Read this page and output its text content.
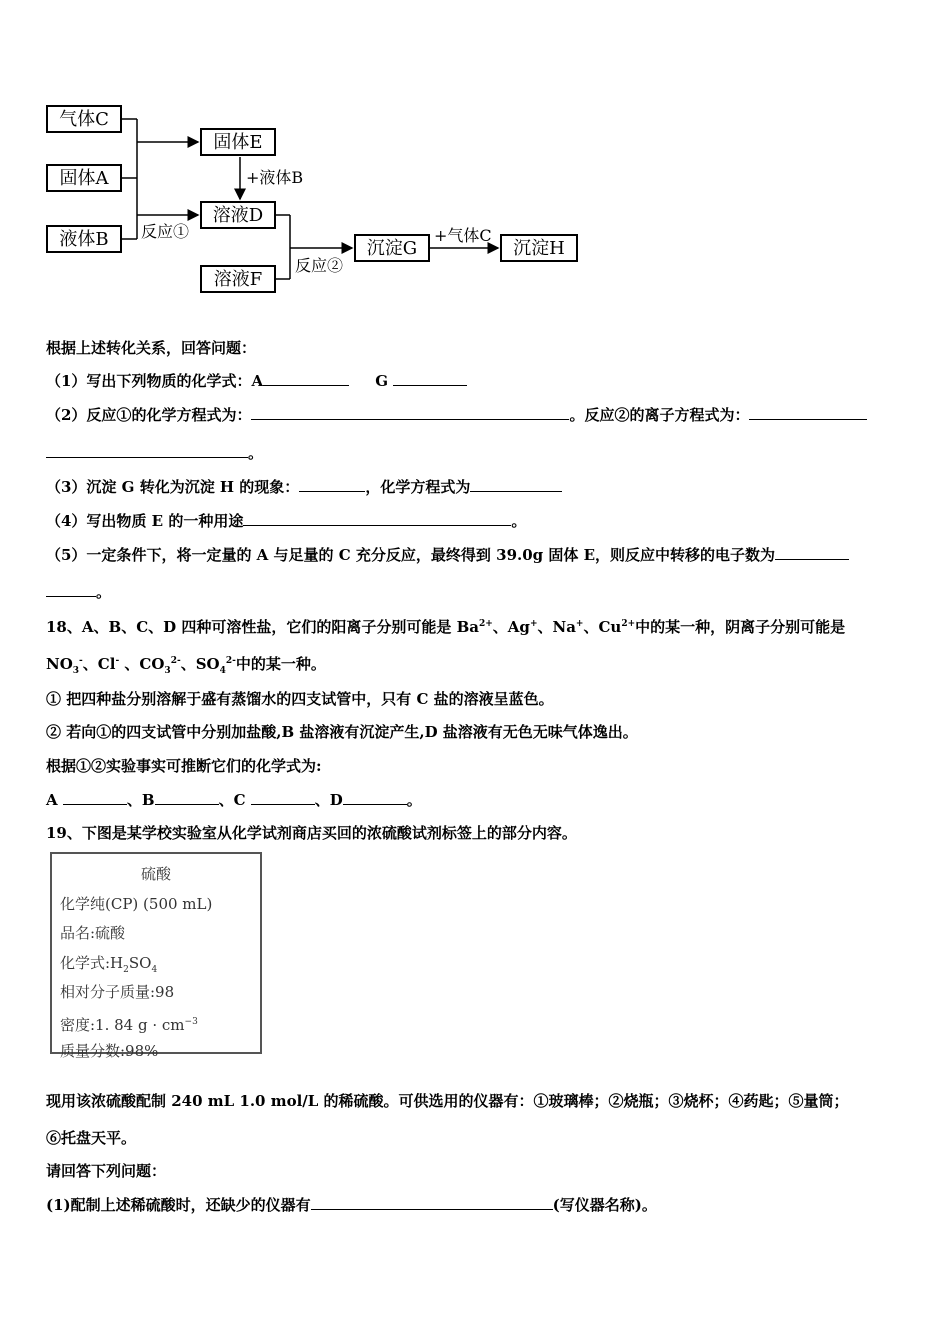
气体C
固体A
液体B
固体E
+液体B
溶液D
反应①
溶液F
反应②
沉淀G
+气体C
沉淀H
根据上述转化关系，回答问题：
（1）写出下列物质的化学式：A	G
（2）反应①的化学方程式为：	。反应②的离子方程式为：
。
（3）沉淀 G 转化为沉淀 H 的现象：	，化学方程式为
（4）写出物质 E 的一种用途	。
（5）一定条件下，将一定量的 A 与足量的 C 充分反应，最终得到 39.0g 固体 E，则反应中转移的电子数为
。
18、A、B、C、D 四种可溶性盐，它们的阳离子分别可能是 $Ba^{2+}$、Ag+、Na+、$Cu^{2+}$中的某一种，阴离子分别可能是
$NO_3^-$、Cl- 、$CO_3^{2-}$、$SO_4^{2-}$中的某一种。
① 把四种盐分别溶解于盛有蒸馏水的四支试管中，只有 C 盐的溶液呈蓝色。
② 若向①的四支试管中分别加盐酸,B 盐溶液有沉淀产生,D 盐溶液有无色无味气体逸出。
根据①②实验事实可推断它们的化学式为:
A	、B	、C	、D	。
19、下图是某学校实验室从化学试剂商店买回的浓硫酸试剂标签上的部分内容。
硫酸
化学纯(CP) (500 mL)
品名:硫酸
化学式$:H_2SO_4$
相对分子质量:98
密度:1. 84 $g \cdot cm^{-3}$
质量分数:98%
现用该浓硫酸配制 240 mL 1.0 mol/L 的稀硫酸。可供选用的仪器有：①玻璃棒；②烧瓶；③烧杯；④药匙；⑤量筒；
⑥托盘天平。
请回答下列问题：
(1)配制上述稀硫酸时，还缺少的仪器有	(写仪器名称)。
